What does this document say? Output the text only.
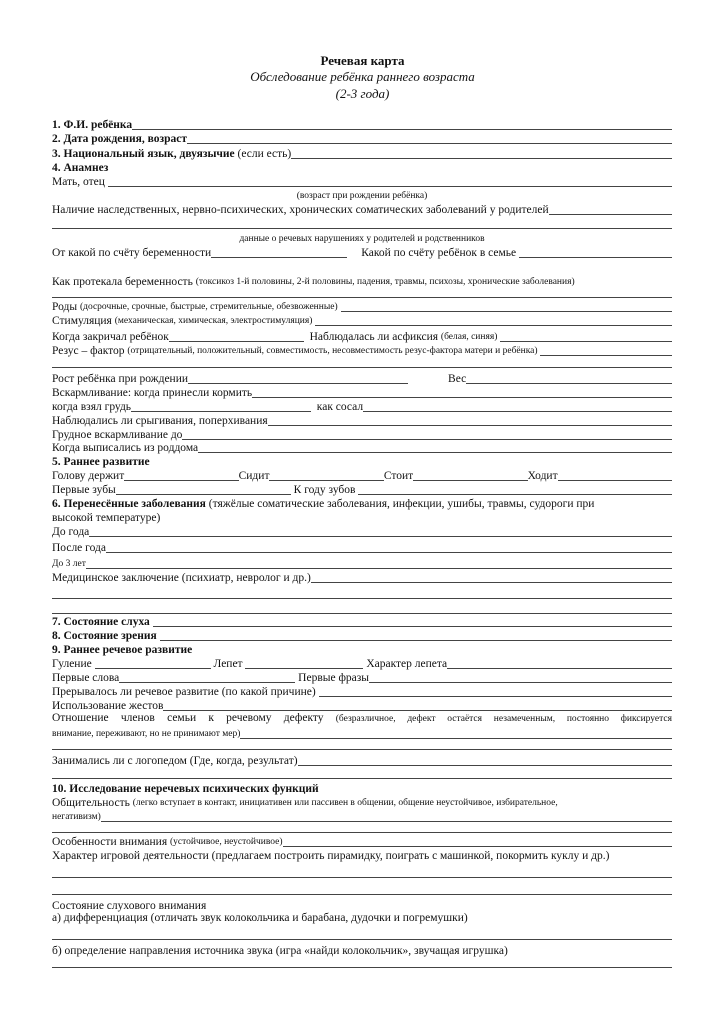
Речевая карта
Обследование ребёнка раннего возраста
(2-3 года)
1. Ф.И. ребёнка
2. Дата рождения, возраст
3. Национальный язык, двуязычие
(если есть)
4. Анамнез
Мать, отец

(возраст при рождении ребёнка)
Наличие наследственных, нервно-психических, хронических соматических заболеваний у родителей
данные о речевых нарушениях у родителей и родственников
От какой по счёту беременности	Какой по счёту ребёнок в семье

Как протекала беременность
(токсикоз 1-й половины, 2-й половины, падения, травмы, психозы, хронические заболевания)
Роды
(досрочные, срочные, быстрые, стремительные, обезвоженные)

Стимуляция
(механическая, химическая, электростимуляция)

Когда закричал ребёнок
	Наблюдалась ли асфиксия
(белая, синяя)

Резус – фактор
(отрицательный, положительный, совместимость, несовместимость резус-фактора матери и ребёнка)

Рост ребёнка при рождении	Вес
Вскармливание: когда принесли кормить
когда взял грудь
	как сосал
Наблюдались ли срыгивания, поперхивания
Грудное вскармливание до
Когда выписались из роддома
5. Раннее развитие
Голову держит	Сидит	Стоит	Ходит
Первые зубы
	К году зубов

6. Перенесённые заболевания
(тяжёлые соматические заболевания, инфекции, ушибы, травмы, судороги при
высокой температуре)
До года
После года
До 3 лет
Медицинское заключение (психиатр, невролог и др.)
7. Состояние слуха

8. Состояние зрения

9. Раннее речевое развитие
Гуление

	Лепет

	Характер лепета
Первые слова
	Первые фразы
Прерывалось ли речевое развитие (по какой причине)

Использование жестов
Отношение членов семьи к речевому дефекту (безразличное, дефект остаётся незамеченным, постоянно фиксируется
внимание, переживают, но не принимают мер)
Занимались ли с логопедом (Где, когда, результат)
10. Исследование неречевых психических функций
Общительность
(легко вступает в контакт, инициативен или пассивен в общении, общение неустойчивое, избирательное,
негативизм)
Особенности внимания
(устойчивое, неустойчивое)
Характер игровой деятельности (предлагаем построить пирамидку, поиграть с машинкой, покормить куклу и др.)
Состояние слухового внимания
а) дифференциация (отличать звук колокольчика и барабана, дудочки и погремушки)
б) определение направления источника звука (игра «найди колокольчик», звучащая игрушка)
